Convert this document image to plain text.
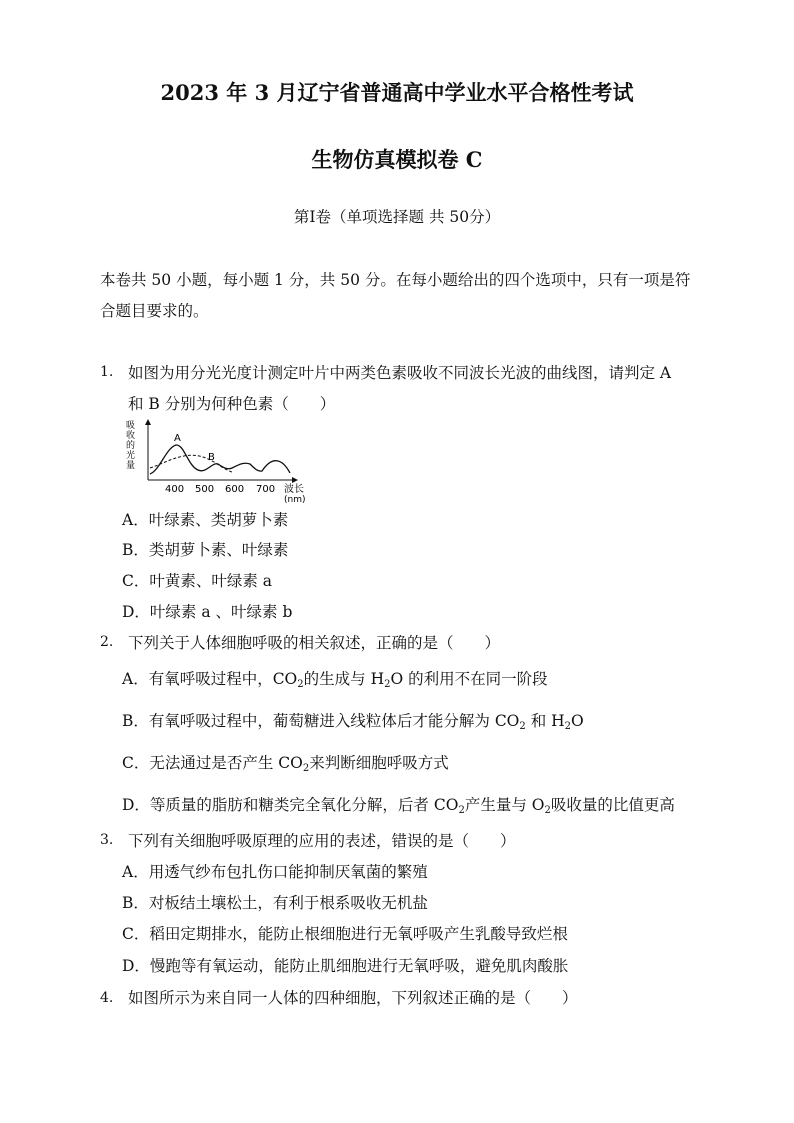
2023 年 3 月辽宁省普通高中学业水平合格性考试
生物仿真模拟卷 C
第Ⅰ卷（单项选择题 共 50分）
本卷共 50 小题，每小题 1 分，共 50 分。在每小题给出的四个选项中，只有一项是符
合题目要求的。
1. 如图为用分光光度计测定叶片中两类色素吸收不同波长光波的曲线图，请判定 A
和 B 分别为何种色素（　　）
吸
收
的
光
量
A
B
400 500 600 700 波长
(nm)
A．叶绿素、类胡萝卜素
B．类胡萝卜素、叶绿素
C．叶黄素、叶绿素 a
D．叶绿素 a 、叶绿素 b
2. 下列关于人体细胞呼吸的相关叙述，正确的是（　　）
A．有氧呼吸过程中，$CO_2$的生成与 $H_2O$ 的利用不在同一阶段
B．有氧呼吸过程中，葡萄糖进入线粒体后才能分解为 $CO_2$ 和 $H_2O$
C．无法通过是否产生 $CO_2$来判断细胞呼吸方式
D．等质量的脂肪和糖类完全氧化分解，后者 $CO_2$产生量与 $O_2$吸收量的比值更高
3. 下列有关细胞呼吸原理的应用的表述，错误的是（　　）
A．用透气纱布包扎伤口能抑制厌氧菌的繁殖
B．对板结土壤松土，有利于根系吸收无机盐
C．稻田定期排水，能防止根细胞进行无氧呼吸产生乳酸导致烂根
D．慢跑等有氧运动，能防止肌细胞进行无氧呼吸，避免肌肉酸胀
4. 如图所示为来自同一人体的四种细胞，下列叙述正确的是（　　）
